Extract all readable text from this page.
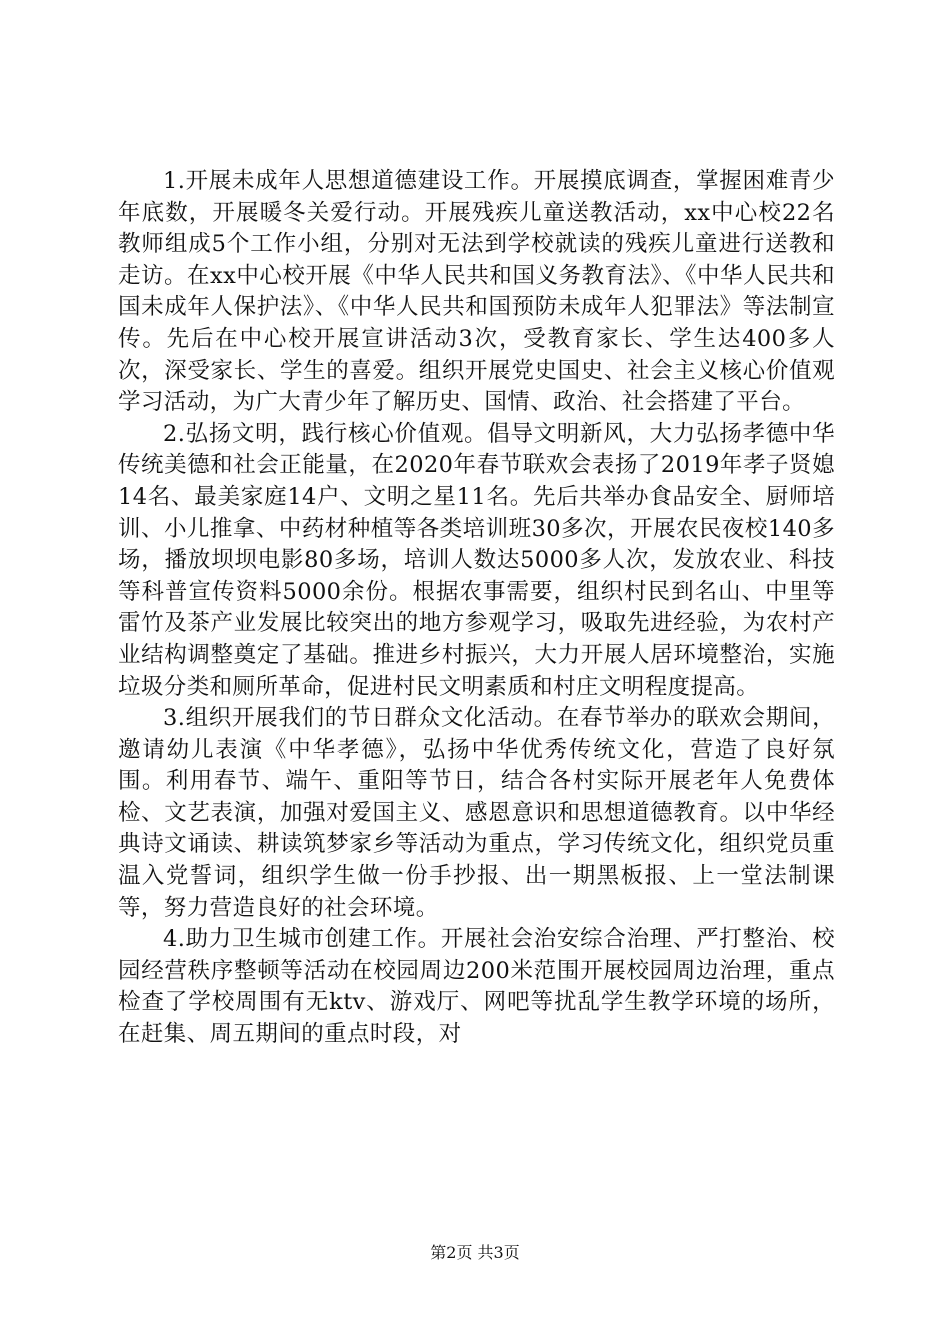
1.开展未成年人思想道德建设工作。开展摸底调查，掌握困难青少年底数，开展暖冬关爱行动。开展残疾儿童送教活动，xx中心校22名教师组成5个工作小组，分别对无法到学校就读的残疾儿童进行送教和走访。在xx中心校开展《中华人民共和国义务教育法》、《中华人民共和国未成年人保护法》、《中华人民共和国预防未成年人犯罪法》等法制宣传。先后在中心校开展宣讲活动3次，受教育家长、学生达400多人次，深受家长、学生的喜爱。组织开展党史国史、社会主义核心价值观学习活动，为广大青少年了解历史、国情、政治、社会搭建了平台。

2.弘扬文明，践行核心价值观。倡导文明新风，大力弘扬孝德中华传统美德和社会正能量，在2020年春节联欢会表扬了2019年孝子贤媳14名、最美家庭14户、文明之星11名。先后共举办食品安全、厨师培训、小儿推拿、中药材种植等各类培训班30多次，开展农民夜校140多场，播放坝坝电影80多场，培训人数达5000多人次，发放农业、科技等科普宣传资料5000余份。根据农事需要，组织村民到名山、中里等雷竹及茶产业发展比较突出的地方参观学习，吸取先进经验，为农村产业结构调整奠定了基础。推进乡村振兴，大力开展人居环境整治，实施垃圾分类和厕所革命，促进村民文明素质和村庄文明程度提高。

3.组织开展我们的节日群众文化活动。在春节举办的联欢会期间，邀请幼儿表演《中华孝德》，弘扬中华优秀传统文化，营造了良好氛围。利用春节、端午、重阳等节日，结合各村实际开展老年人免费体检、文艺表演，加强对爱国主义、感恩意识和思想道德教育。以中华经典诗文诵读、耕读筑梦家乡等活动为重点，学习传统文化，组织党员重温入党誓词，组织学生做一份手抄报、出一期黑板报、上一堂法制课等，努力营造良好的社会环境。

4.助力卫生城市创建工作。开展社会治安综合治理、严打整治、校园经营秩序整顿等活动在校园周边200米范围开展校园周边治理，重点检查了学校周围有无ktv、游戏厅、网吧等扰乱学生教学环境的场所，在赶集、周五期间的重点时段，对

第2页 共3页
